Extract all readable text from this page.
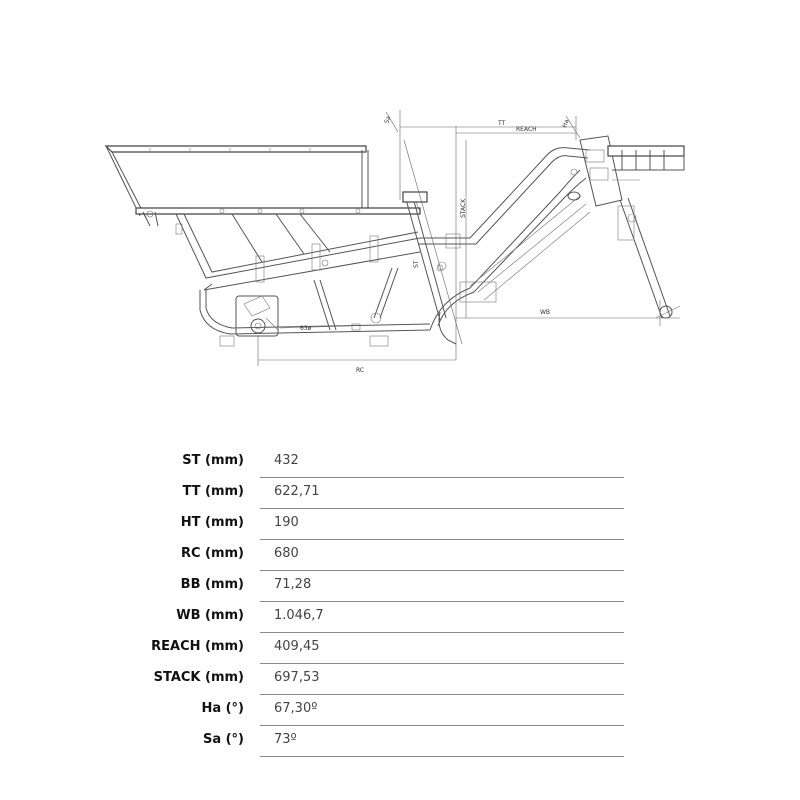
63ø
TT
REACH
STACK
ST
WB
RC
Sa	Ha
ST (mm) 432
TT (mm) 622,71
HT (mm) 190
RC (mm) 680
BB (mm) 71,28
WB (mm) 1.046,7
REACH (mm) 409,45
STACK (mm) 697,53
Ha (°) 67,30º
Sa (°) 73º
